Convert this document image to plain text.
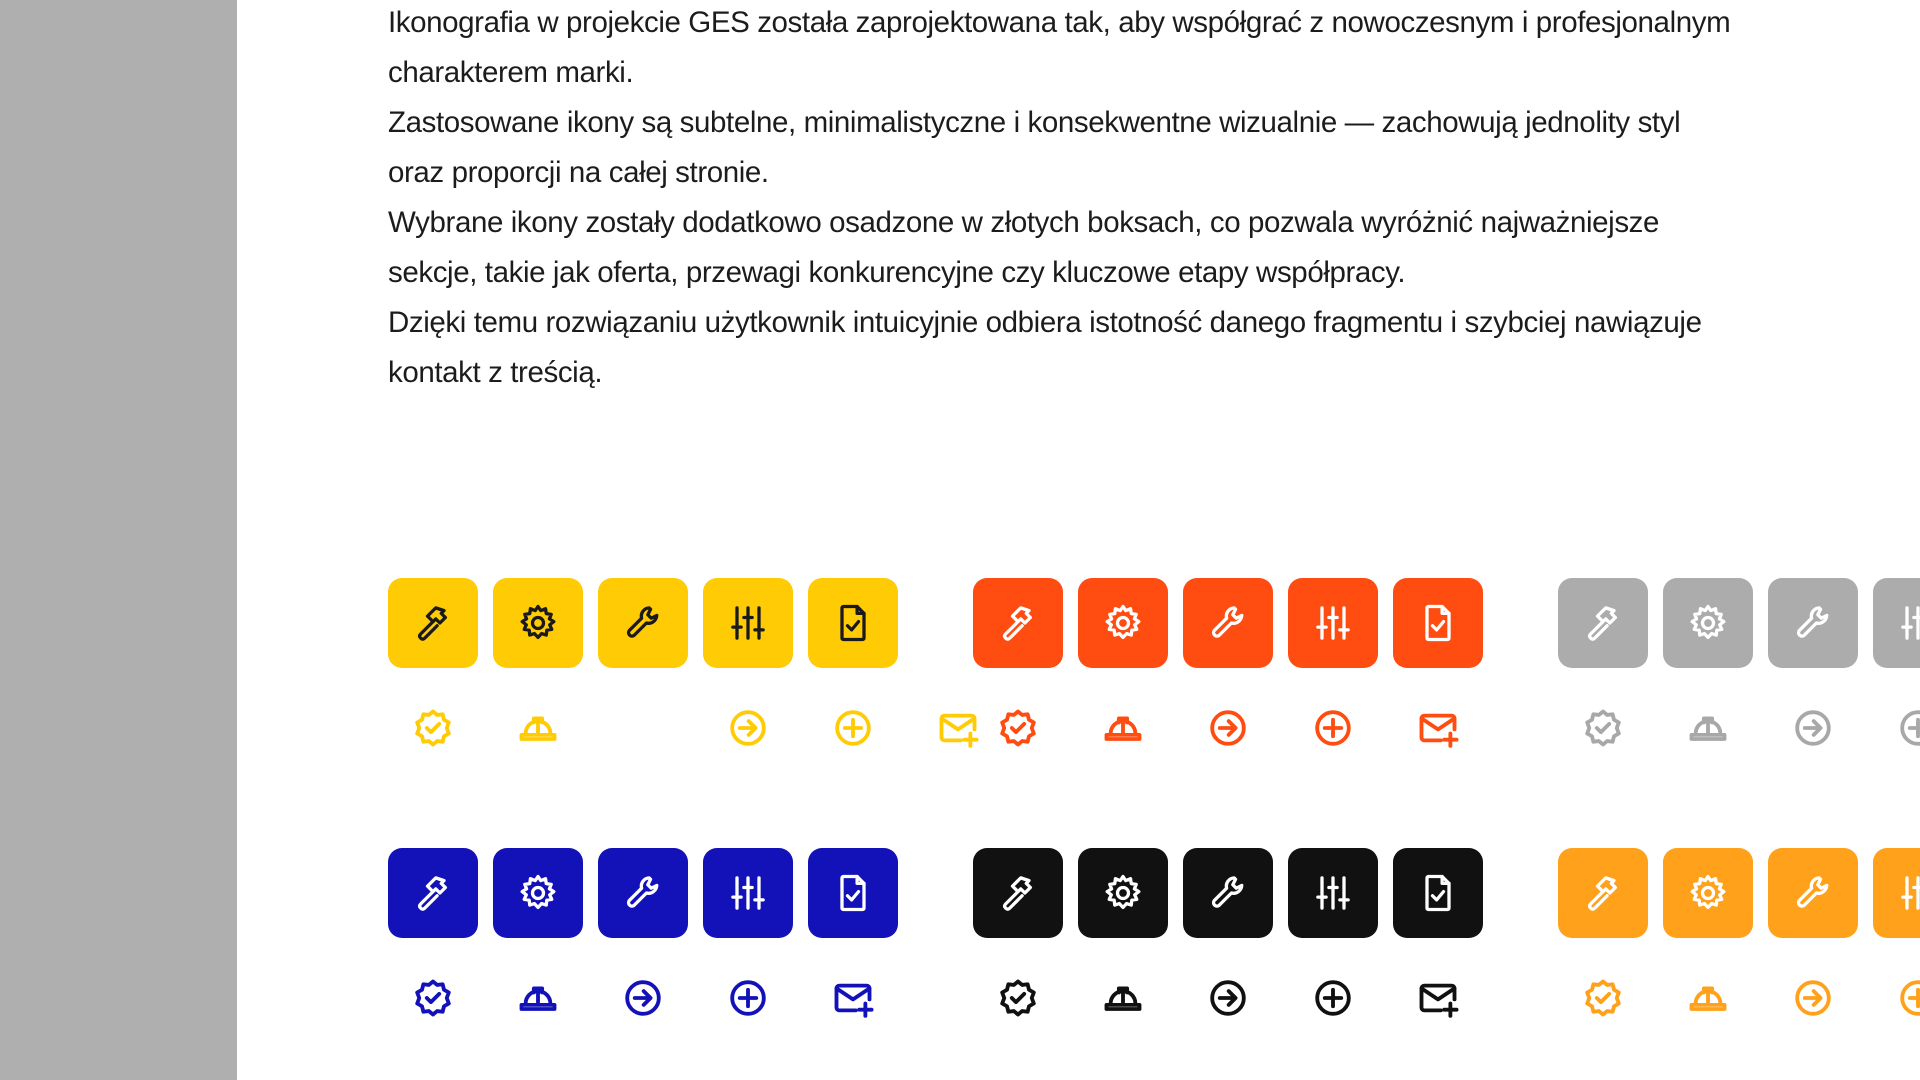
Ikonografia w projekcie GES została zaprojektowana tak, aby współgrać z nowoczesnym i profesjonalnym

charakterem marki.

Zastosowane ikony są subtelne, minimalistyczne i konsekwentne wizualnie — zachowują jednolity styl

oraz proporcji na całej stronie.

Wybrane ikony zostały dodatkowo osadzone w złotych boksach, co pozwala wyróżnić najważniejsze

sekcje, takie jak oferta, przewagi konkurencyjne czy kluczowe etapy współpracy.

Dzięki temu rozwiązaniu użytkownik intuicyjnie odbiera istotność danego fragmentu i szybciej nawiązuje

kontakt z treścią.
